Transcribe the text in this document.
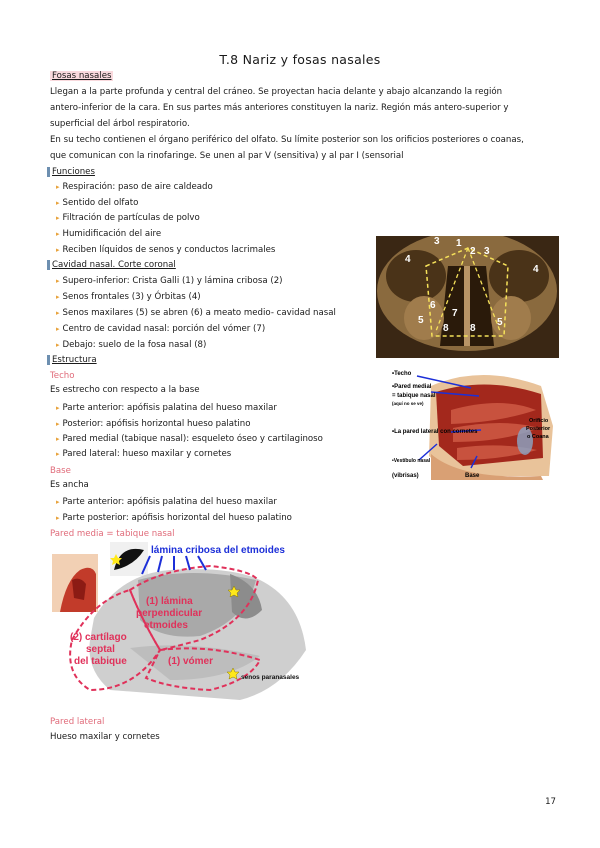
T.8 Nariz y fosas nasales
Fosas nasales
Llegan a la parte profunda y central del cráneo. Se proyectan hacia delante y abajo alcanzando la región
antero-inferior de la cara. En sus partes más anteriores constituyen la nariz. Región más antero-superior y
superficial del árbol respiratorio.
En su techo contienen el órgano periférico del olfato. Su límite posterior son los orificios posteriores o coanas,
que comunican con la rinofaringe. Se unen al par V (sensitiva) y al par I (sensorial
Funciones
▸ Respiración: paso de aire caldeado
▸ Sentido del olfato
▸ Filtración de partículas de polvo
▸ Humidificación del aire
▸ Reciben líquidos de senos y conductos lacrimales
Cavidad nasal. Corte coronal
▸ Supero-inferior: Crista Galli (1) y lámina cribosa (2)
▸ Senos frontales (3) y Órbitas (4)
▸ Senos maxilares (5) se abren (6) a meato medio- cavidad nasal
▸ Centro de cavidad nasal: porción del vómer (7)
▸ Debajo: suelo de la fosa nasal (8)
Estructura
Techo
Es estrecho con respecto a la base
▸ Parte anterior: apófisis palatina del hueso maxilar
▸ Posterior: apófisis horizontal hueso palatino
▸ Pared medial (tabique nasal): esqueleto óseo y cartilaginoso
▸ Pared lateral: hueso maxilar y cornetes
Base
Es ancha
▸ Parte anterior: apófisis palatina del hueso maxilar
▸ Parte posterior: apófisis horizontal del hueso palatino
Pared media = tabique nasal
Pared lateral
Hueso maxilar y cornetes
17
3 1
2 3
4
4
6
7
5	5
8 8
•Techo
•Pared medial
= tabique nasal
(aquí no se ve)
•La pared lateral con cornetes
•Vestíbulo nasal
(vibrisas)	Base
Orificio
Posterior
o Coana
lámina cribosa del etmoides
(1) lámina
perpendicular
etmoides
(2) cartílago
septal
del tabique	(1) vómer
senos paranasales
